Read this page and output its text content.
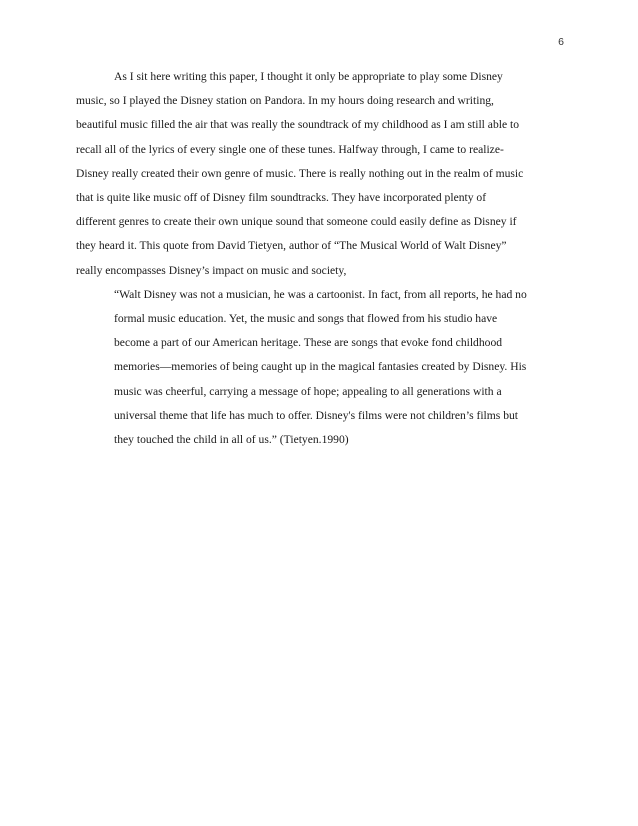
6

As I sit here writing this paper, I thought it only be appropriate to play some Disney
music, so I played the Disney station on Pandora. In my hours doing research and writing,
beautiful music filled the air that was really the soundtrack of my childhood as I am still able to
recall all of the lyrics of every single one of these tunes. Halfway through, I came to realize-
Disney really created their own genre of music. There is really nothing out in the realm of music
that is quite like music off of Disney film soundtracks. They have incorporated plenty of
different genres to create their own unique sound that someone could easily define as Disney if
they heard it. This quote from David Tietyen, author of “The Musical World of Walt Disney”
really encompasses Disney’s impact on music and society,

“Walt Disney was not a musician, he was a cartoonist. In fact, from all reports, he had no
formal music education. Yet, the music and songs that flowed from his studio have
become a part of our American heritage. These are songs that evoke fond childhood
memories—memories of being caught up in the magical fantasies created by Disney. His
music was cheerful, carrying a message of hope; appealing to all generations with a
universal theme that life has much to offer. Disney's films were not children’s films but
they touched the child in all of us.” (Tietyen.1990)
